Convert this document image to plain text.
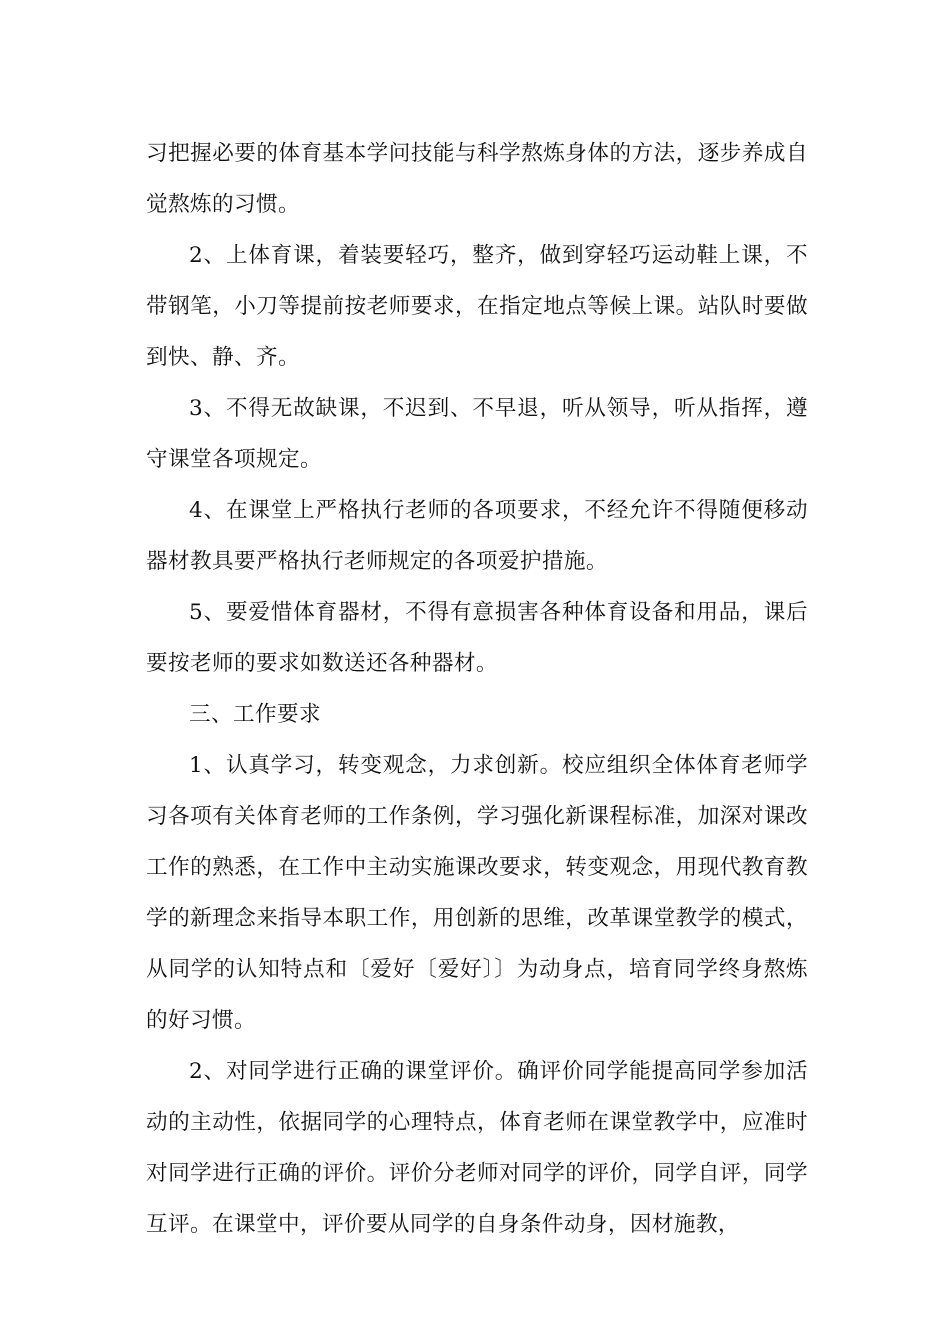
习把握必要的体育基本学问技能与科学熬炼身体的方法，逐步养成自觉熬炼的习惯。

2、上体育课，着装要轻巧，整齐，做到穿轻巧运动鞋上课，不带钢笔，小刀等提前按老师要求，在指定地点等候上课。站队时要做到快、静、齐。

3、不得无故缺课，不迟到、不早退，听从领导，听从指挥，遵守课堂各项规定。

4、在课堂上严格执行老师的各项要求，不经允许不得随便移动器材教具要严格执行老师规定的各项爱护措施。

5、要爱惜体育器材，不得有意损害各种体育设备和用品，课后要按老师的要求如数送还各种器材。

三、工作要求

1、认真学习，转变观念，力求创新。校应组织全体体育老师学习各项有关体育老师的工作条例，学习强化新课程标准，加深对课改工作的熟悉，在工作中主动实施课改要求，转变观念，用现代教育教学的新理念来指导本职工作，用创新的思维，改革课堂教学的模式，从同学的认知特点和〔爱好〔爱好〕〕为动身点，培育同学终身熬炼的好习惯。

2、对同学进行正确的课堂评价。确评价同学能提高同学参加活动的主动性，依据同学的心理特点，体育老师在课堂教学中，应准时对同学进行正确的评价。评价分老师对同学的评价，同学自评，同学互评。在课堂中，评价要从同学的自身条件动身，因材施教，
